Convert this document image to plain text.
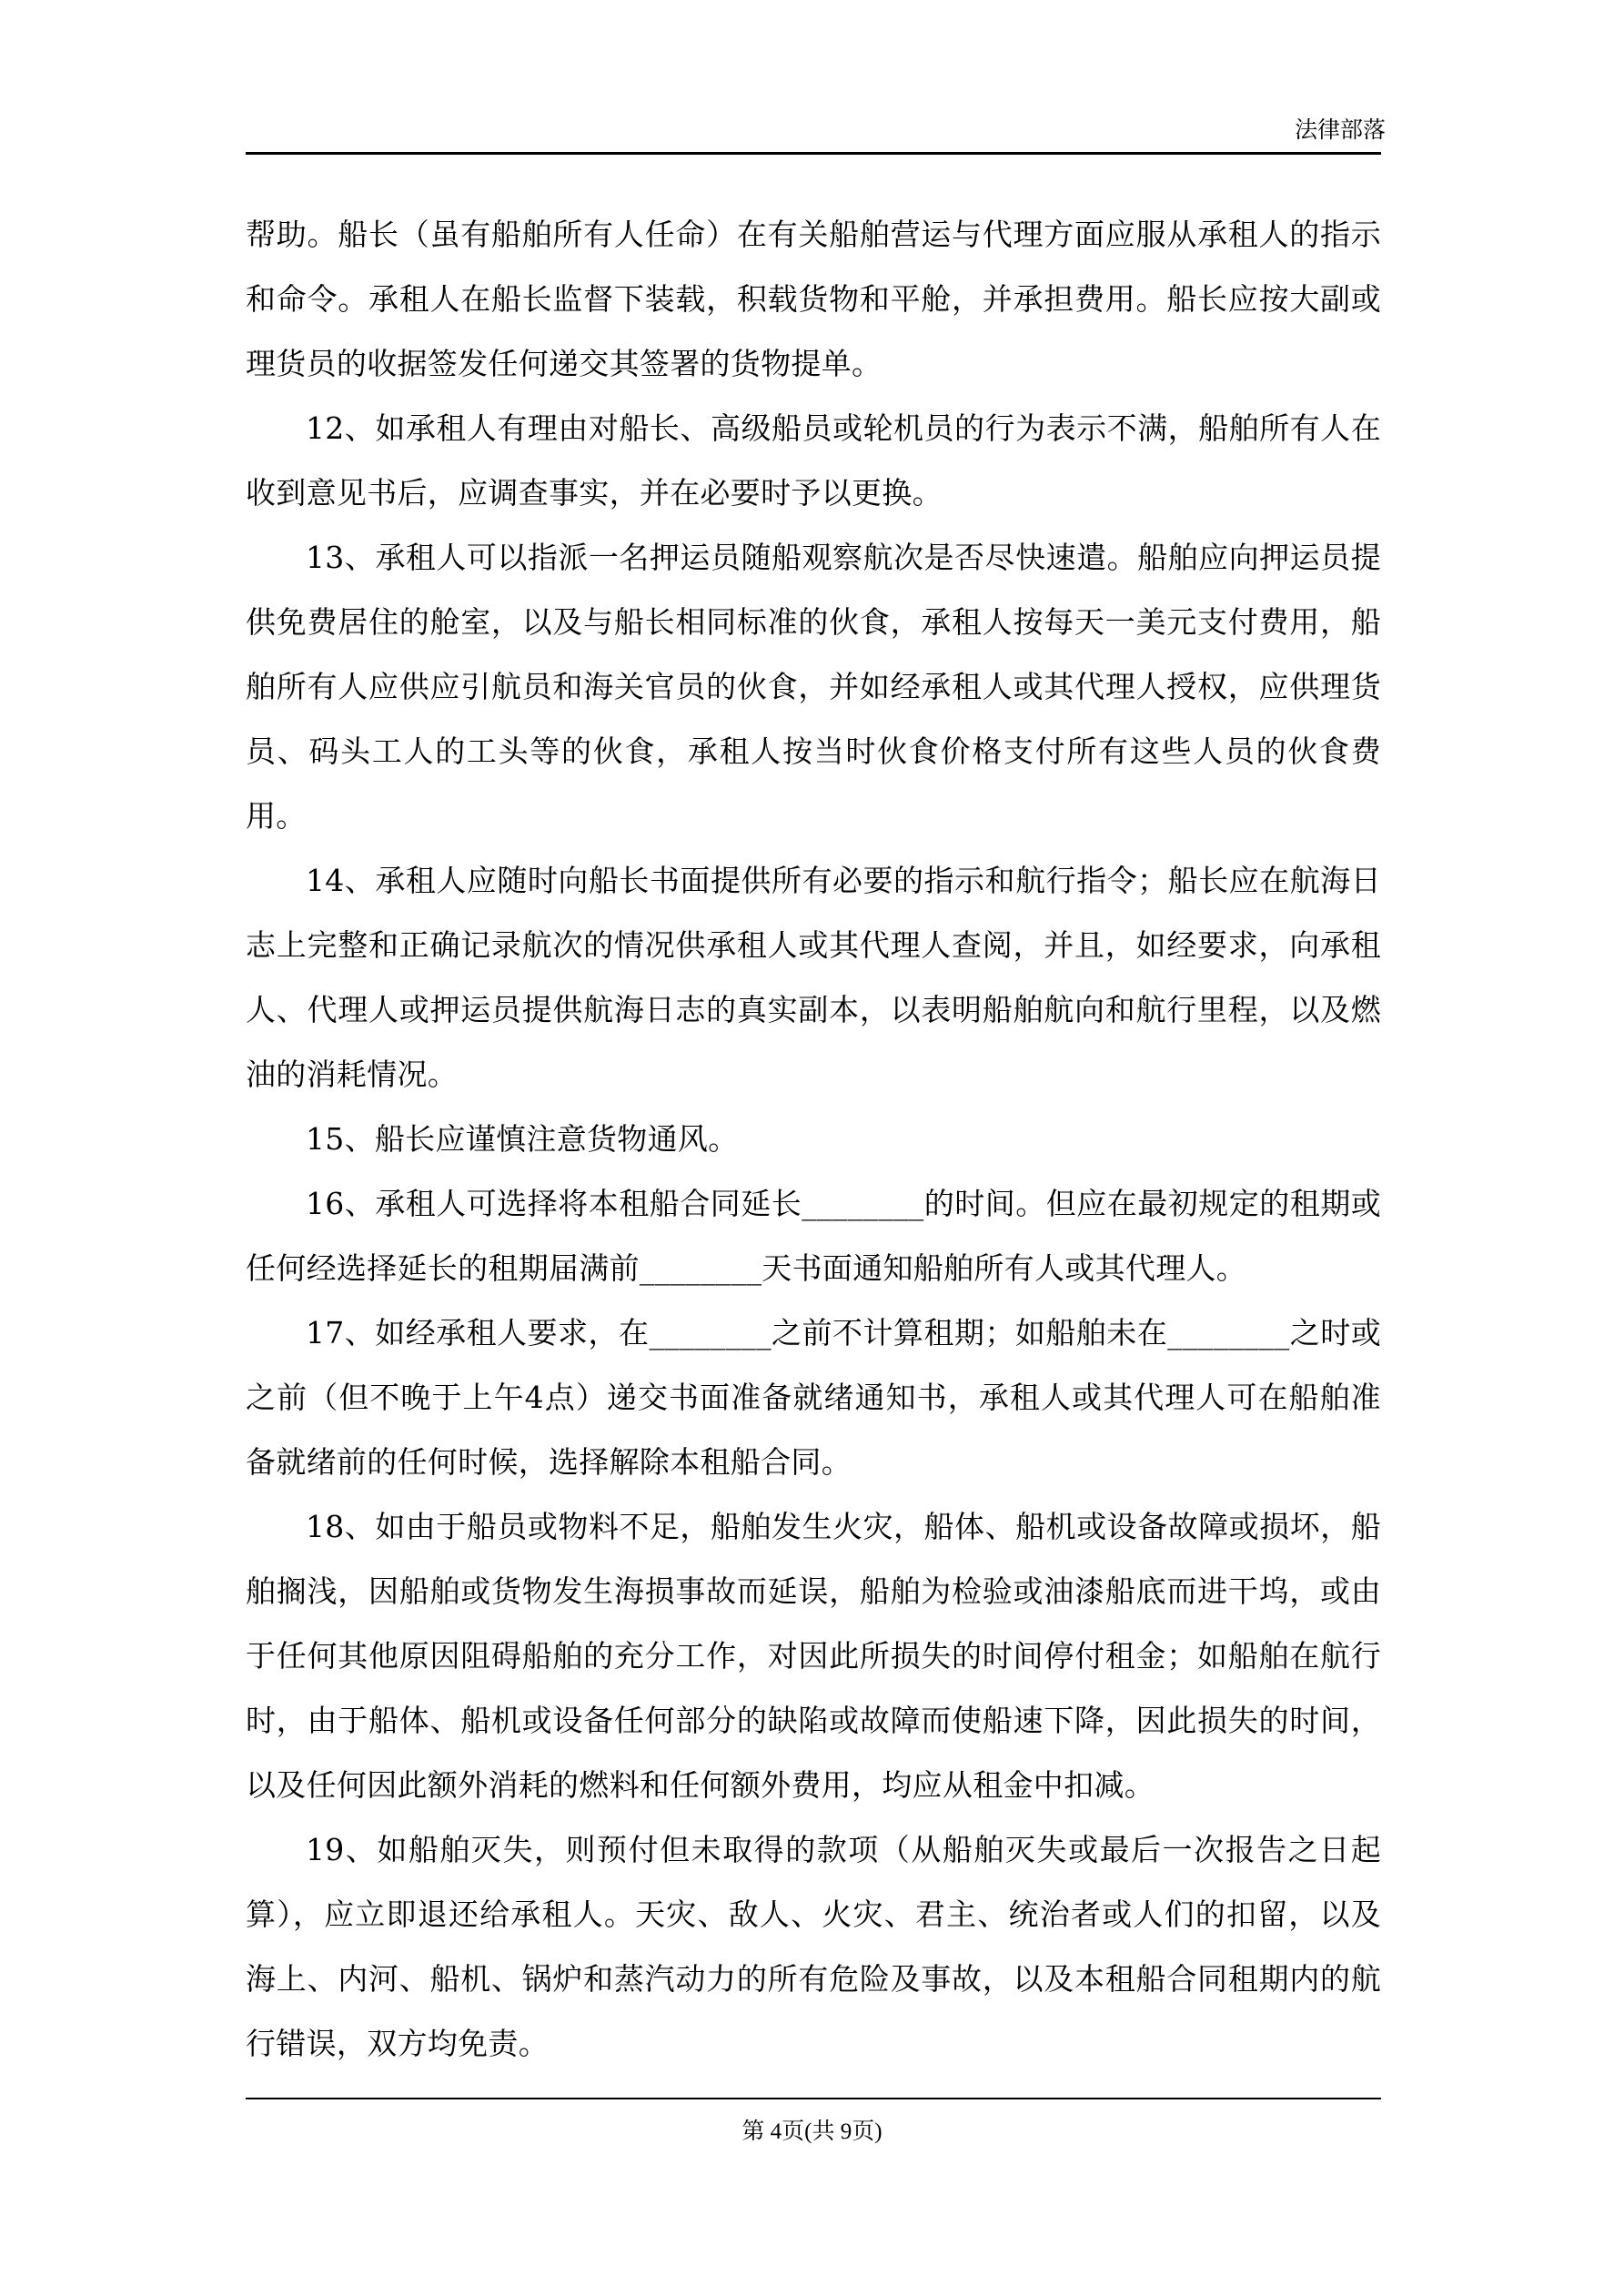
法律部落

帮助。船长（虽有船舶所有人任命）在有关船舶营运与代理方面应服从承租人的指示和命令。承租人在船长监督下装载，积载货物和平舱，并承担费用。船长应按大副或理货员的收据签发任何递交其签署的货物提单。

12、如承租人有理由对船长、高级船员或轮机员的行为表示不满，船舶所有人在收到意见书后，应调查事实，并在必要时予以更换。

13、承租人可以指派一名押运员随船观察航次是否尽快速遣。船舶应向押运员提供免费居住的舱室，以及与船长相同标准的伙食，承租人按每天一美元支付费用，船舶所有人应供应引航员和海关官员的伙食，并如经承租人或其代理人授权，应供理货员、码头工人的工头等的伙食，承租人按当时伙食价格支付所有这些人员的伙食费用。

14、承租人应随时向船长书面提供所有必要的指示和航行指令；船长应在航海日志上完整和正确记录航次的情况供承租人或其代理人查阅，并且，如经要求，向承租人、代理人或押运员提供航海日志的真实副本，以表明船舶航向和航行里程，以及燃油的消耗情况。

15、船长应谨慎注意货物通风。

16、承租人可选择将本租船合同延长________的时间。但应在最初规定的租期或任何经选择延长的租期届满前________天书面通知船舶所有人或其代理人。

17、如经承租人要求，在________之前不计算租期；如船舶未在________之时或之前（但不晚于上午4点）递交书面准备就绪通知书，承租人或其代理人可在船舶准备就绪前的任何时候，选择解除本租船合同。

18、如由于船员或物料不足，船舶发生火灾，船体、船机或设备故障或损坏，船舶搁浅，因船舶或货物发生海损事故而延误，船舶为检验或油漆船底而进干坞，或由于任何其他原因阻碍船舶的充分工作，对因此所损失的时间停付租金；如船舶在航行时，由于船体、船机或设备任何部分的缺陷或故障而使船速下降，因此损失的时间，以及任何因此额外消耗的燃料和任何额外费用，均应从租金中扣减。

19、如船舶灭失，则预付但未取得的款项（从船舶灭失或最后一次报告之日起算），应立即退还给承租人。天灾、敌人、火灾、君主、统治者或人们的扣留，以及海上、内河、船机、锅炉和蒸汽动力的所有危险及事故，以及本租船合同租期内的航行错误，双方均免责。

第 4页(共 9页)
